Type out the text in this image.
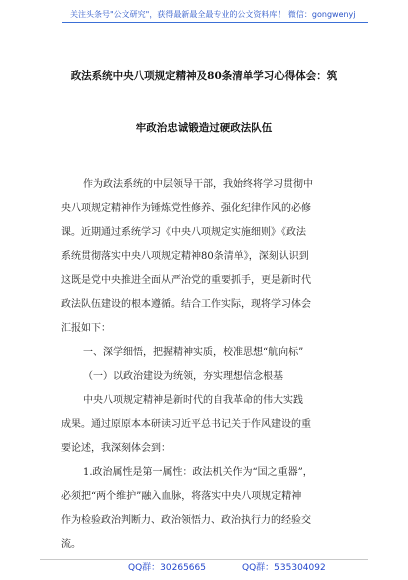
关注头条号"公文研究"，获得最新最全最专业的公文资料库！ 微信：gongwenyj
政法系统中央八项规定精神及80条清单学习心得体会：筑
牢政治忠诚锻造过硬政法队伍
作为政法系统的中层领导干部，我始终将学习贯彻中
央八项规定精神作为锤炼党性修养、强化纪律作风的必修
课。近期通过系统学习《中央八项规定实施细则》《政法
系统贯彻落实中央八项规定精神80条清单》，深刻认识到
这既是党中央推进全面从严治党的重要抓手，更是新时代
政法队伍建设的根本遵循。结合工作实际，现将学习体会
汇报如下：
一、深学细悟，把握精神实质，校准思想“航向标”
（一）以政治建设为统领，夯实理想信念根基
中央八项规定精神是新时代的自我革命的伟大实践
成果。通过原原本本研读习近平总书记关于作风建设的重
要论述，我深刻体会到：
1.政治属性是第一属性：政法机关作为“国之重器”，
必须把“两个维护”融入血脉，将落实中央八项规定精神
作为检验政治判断力、政治领悟力、政治执行力的经验交
流。
QQ群：30265665	QQ群：535304092
